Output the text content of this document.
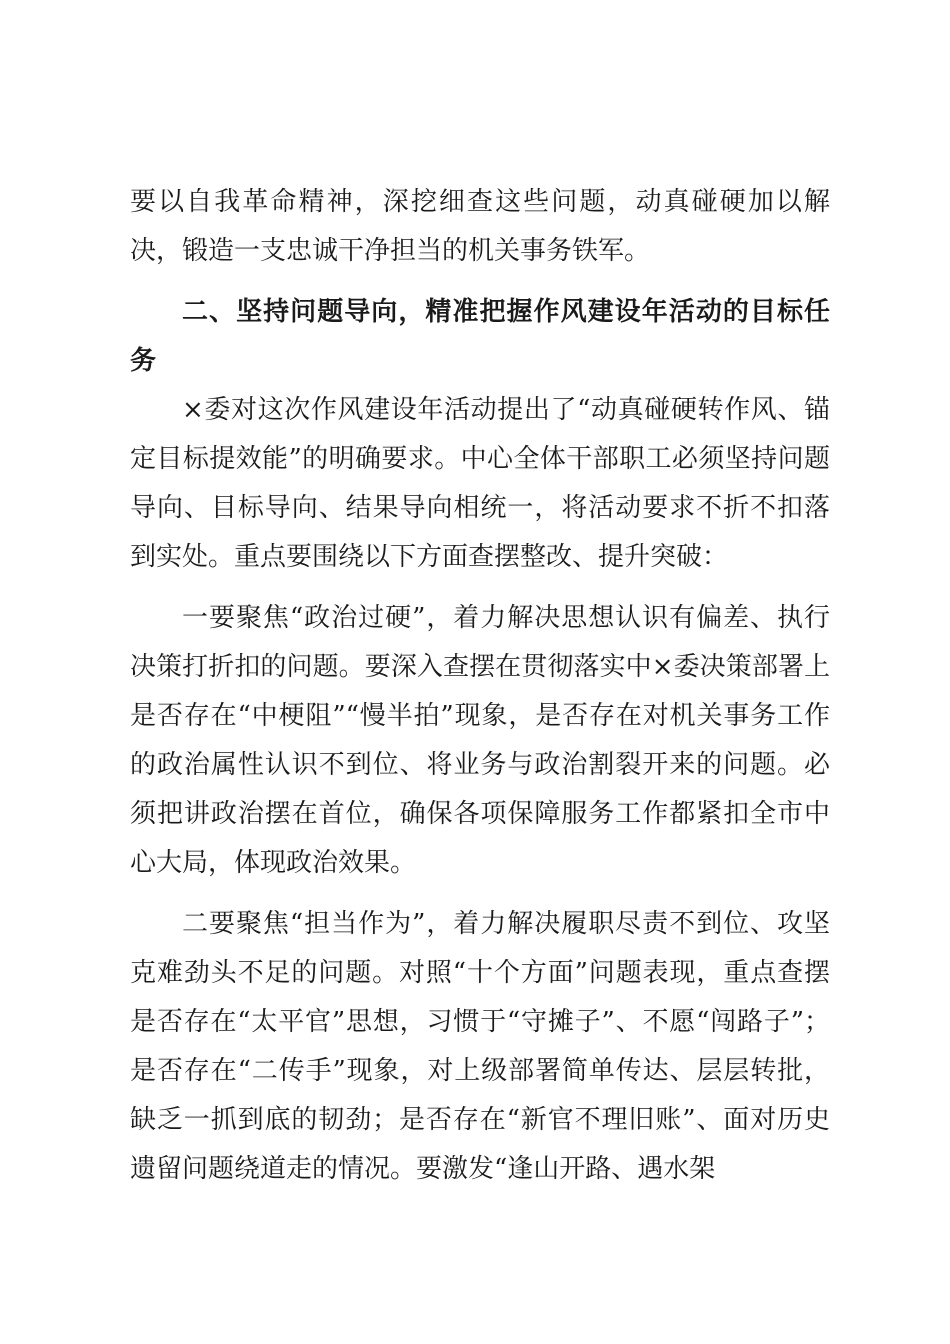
要以自我革命精神，深挖细查这些问题，动真碰硬加以解决，锻造一支忠诚干净担当的机关事务铁军。

二、坚持问题导向，精准把握作风建设年活动的目标任务

×委对这次作风建设年活动提出了“动真碰硬转作风、锚定目标提效能”的明确要求。中心全体干部职工必须坚持问题导向、目标导向、结果导向相统一，将活动要求不折不扣落到实处。重点要围绕以下方面查摆整改、提升突破：

一要聚焦“政治过硬”，着力解决思想认识有偏差、执行决策打折扣的问题。要深入查摆在贯彻落实中×委决策部署上是否存在“中梗阻”“慢半拍”现象，是否存在对机关事务工作的政治属性认识不到位、将业务与政治割裂开来的问题。必须把讲政治摆在首位，确保各项保障服务工作都紧扣全市中心大局，体现政治效果。

二要聚焦“担当作为”，着力解决履职尽责不到位、攻坚克难劲头不足的问题。对照“十个方面”问题表现，重点查摆是否存在“太平官”思想，习惯于“守摊子”、不愿“闯路子”；是否存在“二传手”现象，对上级部署简单传达、层层转批，缺乏一抓到底的韧劲；是否存在“新官不理旧账”、面对历史遗留问题绕道走的情况。要激发“逢山开路、遇水架
